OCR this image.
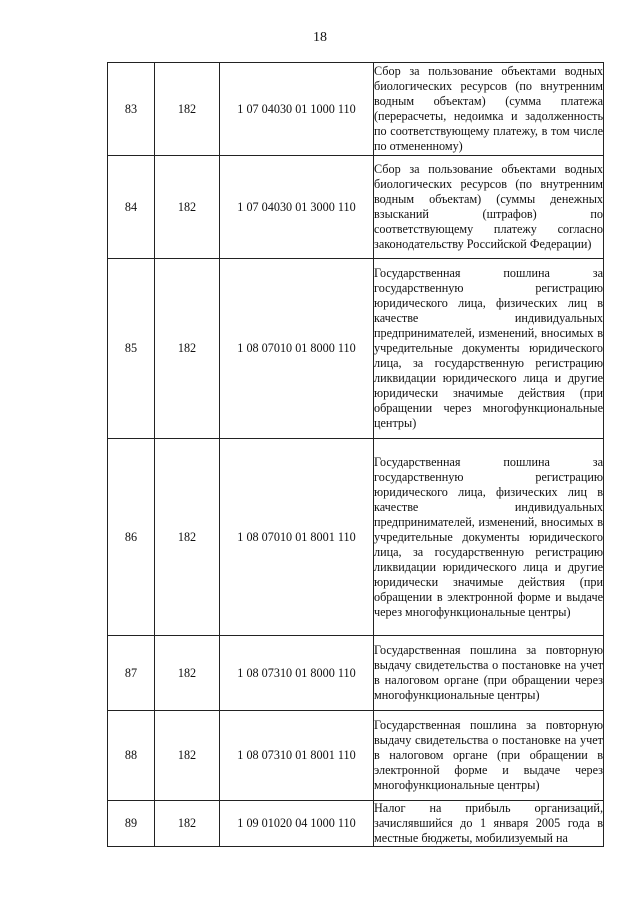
18
83	182	1 07 04030 01 1000 110	Сбор за пользование объектами водных биологических ресурсов (по внутренним водным объектам) (сумма платежа (перерасчеты, недоимка и задолженность по соответствующему платежу, в том числе по отмененному)

84	182	1 07 04030 01 3000 110	Сбор за пользование объектами водных биологических ресурсов (по внутренним водным объектам) (суммы денежных взысканий (штрафов) по соответствующему платежу согласно законодательству Российской Федерации)

85	182	1 08 07010 01 8000 110	Государственная пошлина за государственную регистрацию юридического лица, физических лиц в качестве индивидуальных предпринимателей, изменений, вносимых в учредительные документы юридического лица, за государственную регистрацию ликвидации юридического лица и другие юридически значимые действия (при обращении через многофункциональные центры)

86	182	1 08 07010 01 8001 110	Государственная пошлина за государственную регистрацию юридического лица, физических лиц в качестве индивидуальных предпринимателей, изменений, вносимых в учредительные документы юридического лица, за государственную регистрацию ликвидации юридического лица и другие юридически значимые действия (при обращении в электронной форме и выдаче через многофункциональные центры)

87	182	1 08 07310 01 8000 110	Государственная пошлина за повторную выдачу свидетельства о постановке на учет в налоговом органе (при обращении через многофункциональные центры)

88	182	1 08 07310 01 8001 110	Государственная пошлина за повторную выдачу свидетельства о постановке на учет в налоговом органе (при обращении в электронной форме и выдаче через многофункциональные центры)

89	182	1 09 01020 04 1000 110	Налог на прибыль организаций, зачислявшийся до 1 января 2005 года в местные бюджеты, мобилизуемый на
